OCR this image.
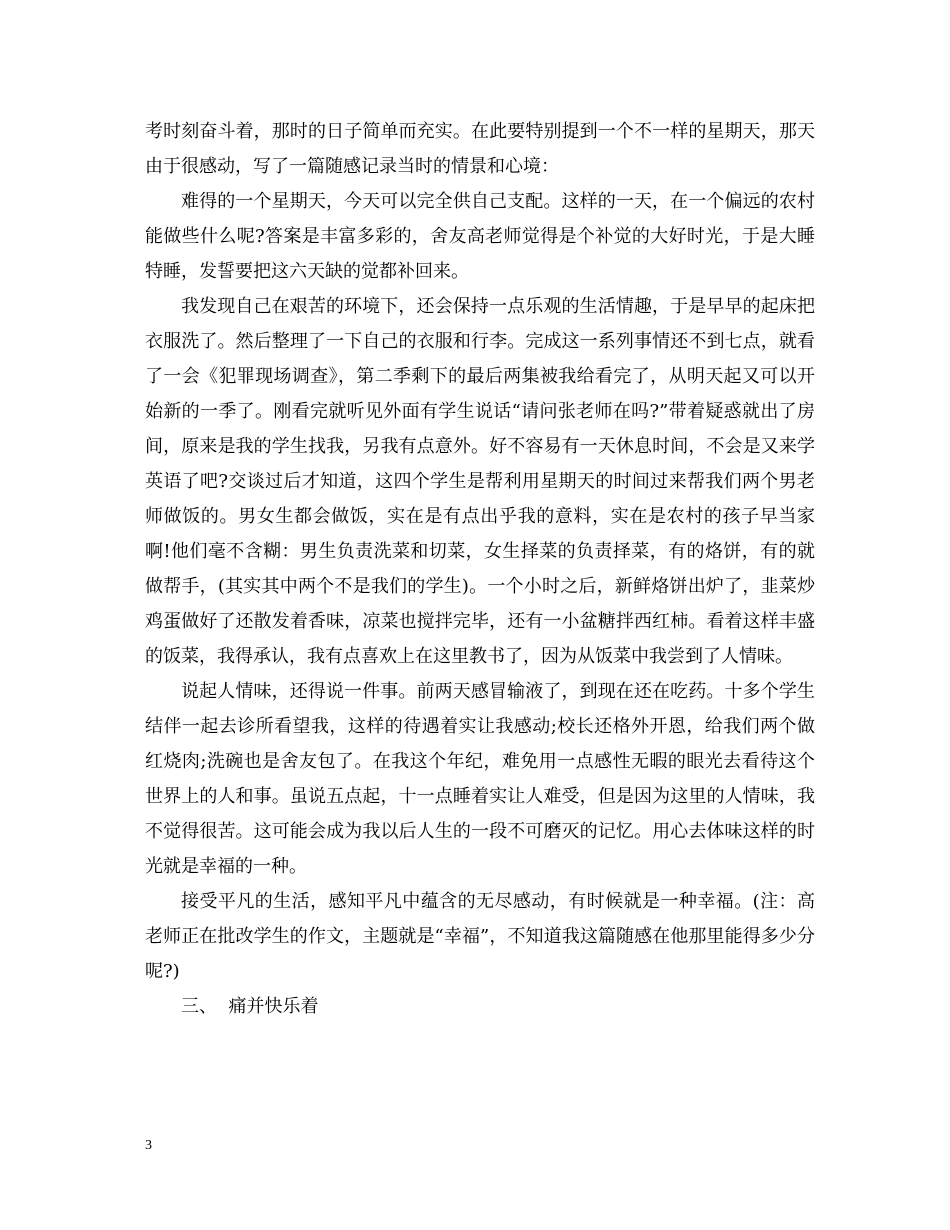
考时刻奋斗着，那时的日子简单而充实。在此要特别提到一个不一样的星期天，那天由于很感动，写了一篇随感记录当时的情景和心境：

难得的一个星期天，今天可以完全供自己支配。这样的一天，在一个偏远的农村能做些什么呢?答案是丰富多彩的，舍友高老师觉得是个补觉的大好时光，于是大睡特睡，发誓要把这六天缺的觉都补回来。

我发现自己在艰苦的环境下，还会保持一点乐观的生活情趣，于是早早的起床把衣服洗了。然后整理了一下自己的衣服和行李。完成这一系列事情还不到七点，就看了一会《犯罪现场调查》，第二季剩下的最后两集被我给看完了，从明天起又可以开始新的一季了。刚看完就听见外面有学生说话“请问张老师在吗?”带着疑惑就出了房间，原来是我的学生找我，另我有点意外。好不容易有一天休息时间，不会是又来学英语了吧?交谈过后才知道，这四个学生是帮利用星期天的时间过来帮我们两个男老师做饭的。男女生都会做饭，实在是有点出乎我的意料，实在是农村的孩子早当家啊!他们毫不含糊：男生负责洗菜和切菜，女生择菜的负责择菜，有的烙饼，有的就做帮手，(其实其中两个不是我们的学生)。一个小时之后，新鲜烙饼出炉了，韭菜炒鸡蛋做好了还散发着香味，凉菜也搅拌完毕，还有一小盆糖拌西红柿。看着这样丰盛的饭菜，我得承认，我有点喜欢上在这里教书了，因为从饭菜中我尝到了人情味。

说起人情味，还得说一件事。前两天感冒输液了，到现在还在吃药。十多个学生结伴一起去诊所看望我，这样的待遇着实让我感动;校长还格外开恩，给我们两个做红烧肉;洗碗也是舍友包了。在我这个年纪，难免用一点感性无暇的眼光去看待这个世界上的人和事。虽说五点起，十一点睡着实让人难受，但是因为这里的人情味，我不觉得很苦。这可能会成为我以后人生的一段不可磨灭的记忆。用心去体味这样的时光就是幸福的一种。

接受平凡的生活，感知平凡中蕴含的无尽感动，有时候就是一种幸福。(注：高老师正在批改学生的作文，主题就是“幸福”，不知道我这篇随感在他那里能得多少分呢?)

三、  痛并快乐着

3
